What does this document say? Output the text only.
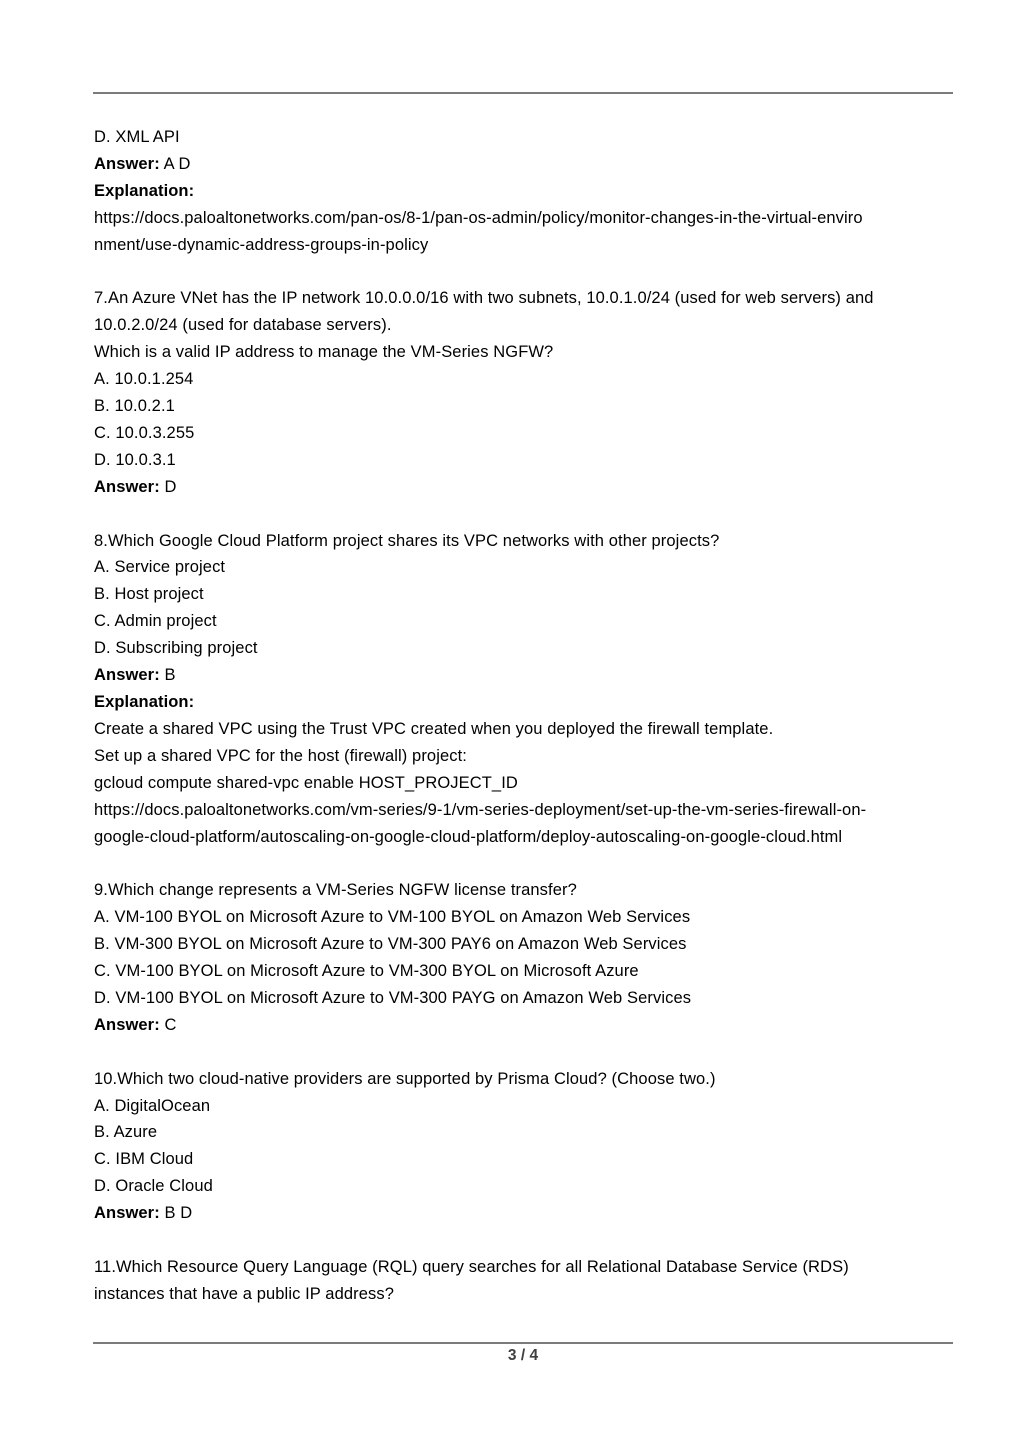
D. XML API
Answer: A D
Explanation:
https://docs.paloaltonetworks.com/pan-os/8-1/pan-os-admin/policy/monitor-changes-in-the-virtual-enviro
nment/use-dynamic-address-groups-in-policy
7.An Azure VNet has the IP network 10.0.0.0/16 with two subnets, 10.0.1.0/24 (used for web servers) and
10.0.2.0/24 (used for database servers).
Which is a valid IP address to manage the VM-Series NGFW?
A. 10.0.1.254
B. 10.0.2.1
C. 10.0.3.255
D. 10.0.3.1
Answer: D
8.Which Google Cloud Platform project shares its VPC networks with other projects?
A. Service project
B. Host project
C. Admin project
D. Subscribing project
Answer: B
Explanation:
Create a shared VPC using the Trust VPC created when you deployed the firewall template.
Set up a shared VPC for the host (firewall) project:
gcloud compute shared-vpc enable HOST_PROJECT_ID
https://docs.paloaltonetworks.com/vm-series/9-1/vm-series-deployment/set-up-the-vm-series-firewall-on-
google-cloud-platform/autoscaling-on-google-cloud-platform/deploy-autoscaling-on-google-cloud.html
9.Which change represents a VM-Series NGFW license transfer?
A. VM-100 BYOL on Microsoft Azure to VM-100 BYOL on Amazon Web Services
B. VM-300 BYOL on Microsoft Azure to VM-300 PAY6 on Amazon Web Services
C. VM-100 BYOL on Microsoft Azure to VM-300 BYOL on Microsoft Azure
D. VM-100 BYOL on Microsoft Azure to VM-300 PAYG on Amazon Web Services
Answer: C
10.Which two cloud-native providers are supported by Prisma Cloud? (Choose two.)
A. DigitalOcean
B. Azure
C. IBM Cloud
D. Oracle Cloud
Answer: B D
11.Which Resource Query Language (RQL) query searches for all Relational Database Service (RDS)
instances that have a public IP address?
3 / 4
